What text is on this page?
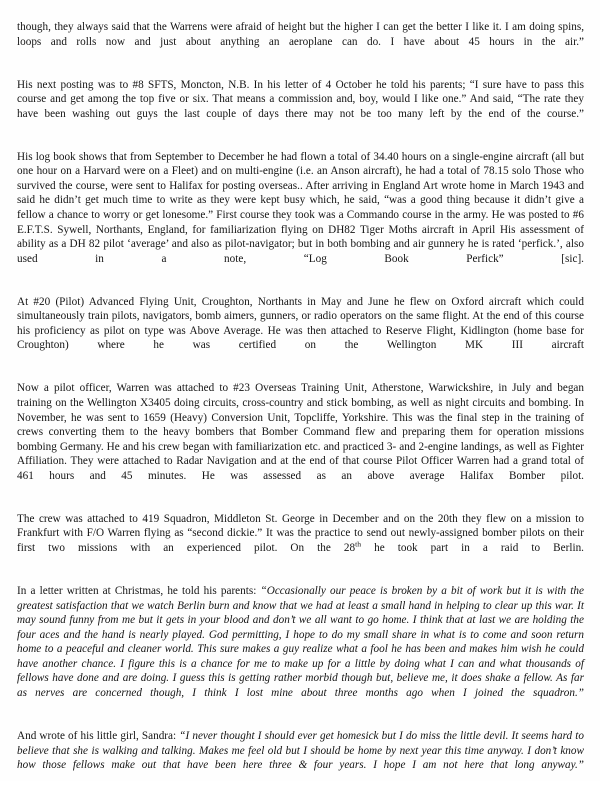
though, they always said that the Warrens were afraid of height but the higher I can get the better I like it. I am doing spins, loops and rolls now and just about anything an aeroplane can do. I have about 45 hours in the air.”

His next posting was to #8 SFTS, Moncton, N.B. In his letter of 4 October he told his parents; “I sure have to pass this course and get among the top five or six. That means a commission and, boy, would I like one.” And said, “The rate they have been washing out guys the last couple of days there may not be too many left by the end of the course.”

His log book shows that from September to December he had flown a total of 34.40 hours on a single-engine aircraft (all but one hour on a Harvard were on a Fleet) and on multi-engine (i.e. an Anson aircraft), he had a total of 78.15 solo Those who survived the course, were sent to Halifax for posting overseas.. After arriving in England Art wrote home in March 1943 and said he didn’t get much time to write as they were kept busy which, he said, “was a good thing because it didn’t give a fellow a chance to worry or get lonesome.” First course they took was a Commando course in the army. He was posted to #6 E.F.T.S. Sywell, Northants, England, for familiarization flying on DH82 Tiger Moths aircraft in April His assessment of ability as a DH 82 pilot ‘average’ and also as pilot-navigator; but in both bombing and air gunnery he is rated ‘perfick.’, also used in a note, “Log Book Perfick” [sic].

At #20 (Pilot) Advanced Flying Unit, Croughton, Northants in May and June he flew on Oxford aircraft which could simultaneously train pilots, navigators, bomb aimers, gunners, or radio operators on the same flight. At the end of this course his proficiency as pilot on type was Above Average. He was then attached to Reserve Flight, Kidlington (home base for Croughton) where he was certified on the Wellington MK III aircraft

Now a pilot officer, Warren was attached to #23 Overseas Training Unit, Atherstone, Warwickshire, in July and began training on the Wellington X3405 doing circuits, cross-country and stick bombing, as well as night circuits and bombing. In November, he was sent to 1659 (Heavy) Conversion Unit, Topcliffe, Yorkshire. This was the final step in the training of crews converting them to the heavy bombers that Bomber Command flew and preparing them for operation missions bombing Germany. He and his crew began with familiarization etc. and practiced 3- and 2-engine landings, as well as Fighter Affiliation. They were attached to Radar Navigation and at the end of that course Pilot Officer Warren had a grand total of 461 hours and 45 minutes. He was assessed as an above average Halifax Bomber pilot.

The crew was attached to 419 Squadron, Middleton St. George in December and on the 20th they flew on a mission to Frankfurt with F/O Warren flying as “second dickie.” It was the practice to send out newly-assigned bomber pilots on their first two missions with an experienced pilot. On the 28th he took part in a raid to Berlin.

In a letter written at Christmas, he told his parents: “Occasionally our peace is broken by a bit of work but it is with the greatest satisfaction that we watch Berlin burn and know that we had at least a small hand in helping to clear up this war. It may sound funny from me but it gets in your blood and don’t we all want to go home. I think that at last we are holding the four aces and the hand is nearly played. God permitting, I hope to do my small share in what is to come and soon return home to a peaceful and cleaner world. This sure makes a guy realize what a fool he has been and makes him wish he could have another chance. I figure this is a chance for me to make up for a little by doing what I can and what thousands of fellows have done and are doing. I guess this is getting rather morbid though but, believe me, it does shake a fellow. As far as nerves are concerned though, I think I lost mine about three months ago when I joined the squadron.”

And wrote of his little girl, Sandra: “I never thought I should ever get homesick but I do miss the little devil. It seems hard to believe that she is walking and talking. Makes me feel old but I should be home by next year this time anyway. I don’t know how those fellows make out that have been here three & four years. I hope I am not here that long anyway.”
